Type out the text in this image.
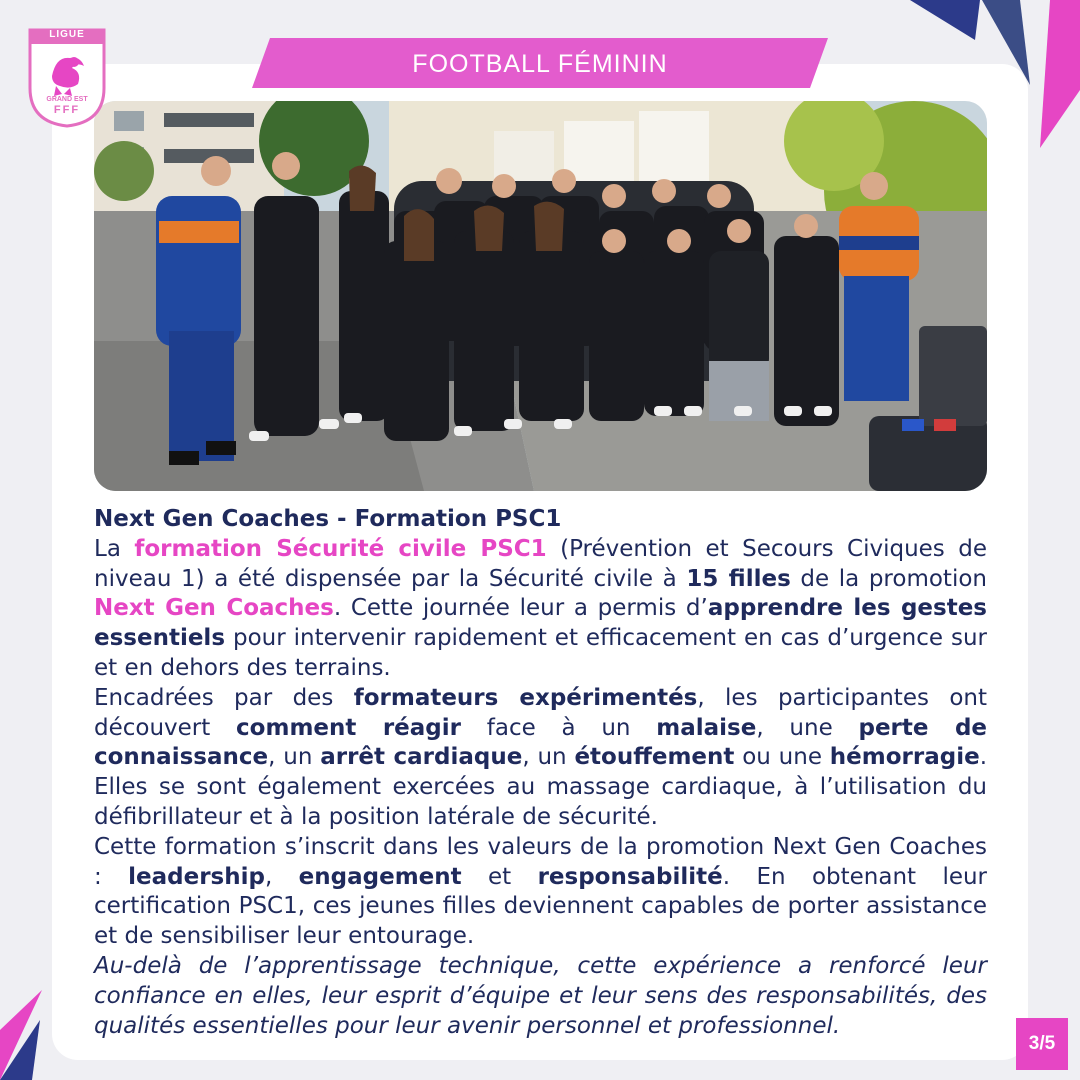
LIGUE
GRAND EST
FFF
FOOTBALL FÉMININ
Next Gen Coaches - Formation PSC1

La formation Sécurité civile PSC1 (Prévention et Secours Civiques de niveau 1) a été dispensée par la Sécurité civile à 15 filles de la promotion Next Gen Coaches. Cette journée leur a permis d’apprendre les gestes essentiels pour intervenir rapidement et efficacement en cas d’urgence sur et en dehors des terrains.

Encadrées par des formateurs expérimentés, les participantes ont découvert comment réagir face à un malaise, une perte de connaissance, un arrêt cardiaque, un étouffement ou une hémorragie. Elles se sont également exercées au massage cardiaque, à l’utilisation du défibrillateur et à la position latérale de sécurité.

Cette formation s’inscrit dans les valeurs de la promotion Next Gen Coaches : leadership, engagement et responsabilité. En obtenant leur certification PSC1, ces jeunes filles deviennent capables de porter assistance et de sensibiliser leur entourage.

Au-delà de l’apprentissage technique, cette expérience a renforcé leur confiance en elles, leur esprit d’équipe et leur sens des responsabilités, des qualités essentielles pour leur avenir personnel et professionnel.

3/5
